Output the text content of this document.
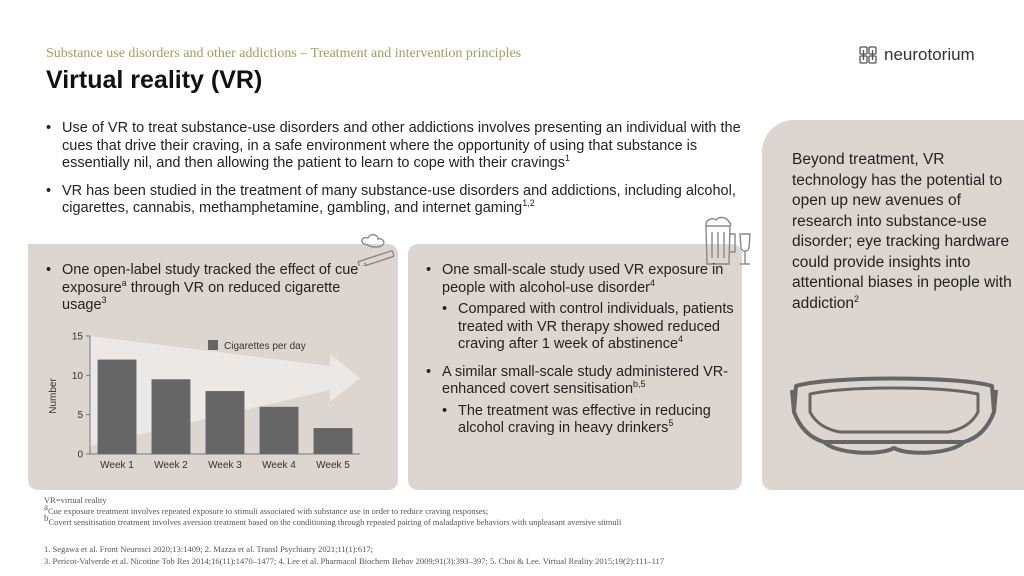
Substance use disorders and other addictions – Treatment and intervention principles
Virtual reality (VR)
neurotorium
• Use of VR to treat substance-use disorders and other addictions involves presenting an individual with the cues that drive their craving, in a safe environment where the opportunity of using that substance is essentially nil, and then allowing the patient to learn to cope with their cravings$^1$
• VR has been studied in the treatment of many substance-use disorders and addictions, including alcohol, cigarettes, cannabis, methamphetamine, gambling, and internet gaming$^{1,2}$
• One open-label study tracked the effect of cue exposure$^a$ through VR on reduced cigarette usage$^3$
0
5
10
15
Week 1 Week 2 Week 3 Week 4 Week 5
Number
Cigarettes per day
• One small-scale study used VR exposure in people with alcohol-use disorder$^4$
• Compared with control individuals, patients treated with VR therapy showed reduced craving after 1 week of abstinence$^4$
• A similar small-scale study administered VR-enhanced covert sensitisation$^{b,5}$
• The treatment was effective in reducing alcohol craving in heavy drinkers$^5$
Beyond treatment, VR technology has the potential to open up new avenues of research into substance-use disorder; eye tracking hardware could provide insights into attentional biases in people with addiction$^2$
VR=virtual reality
$^a$Cue exposure treatment involves repeated exposure to stimuli associated with substance use in order to reduce craving responses;
$^b$Covert sensitisation treatment involves aversion treatment based on the conditioning through repeated pairing of maladaptive behaviors with unpleasant aversive stimuli
1. Segawa et al. Front Neurosci 2020;13:1409; 2. Mazza et al. Transl Psychiatry 2021;11(1):617;
3. Pericot-Valverde et al. Nicotine Tob Res 2014;16(11):1470–1477; 4. Lee et al. Pharmacol Biochem Behav 2009;91(3):393–397; 5. Choi & Lee. Virtual Reality 2015;19(2):111–117
